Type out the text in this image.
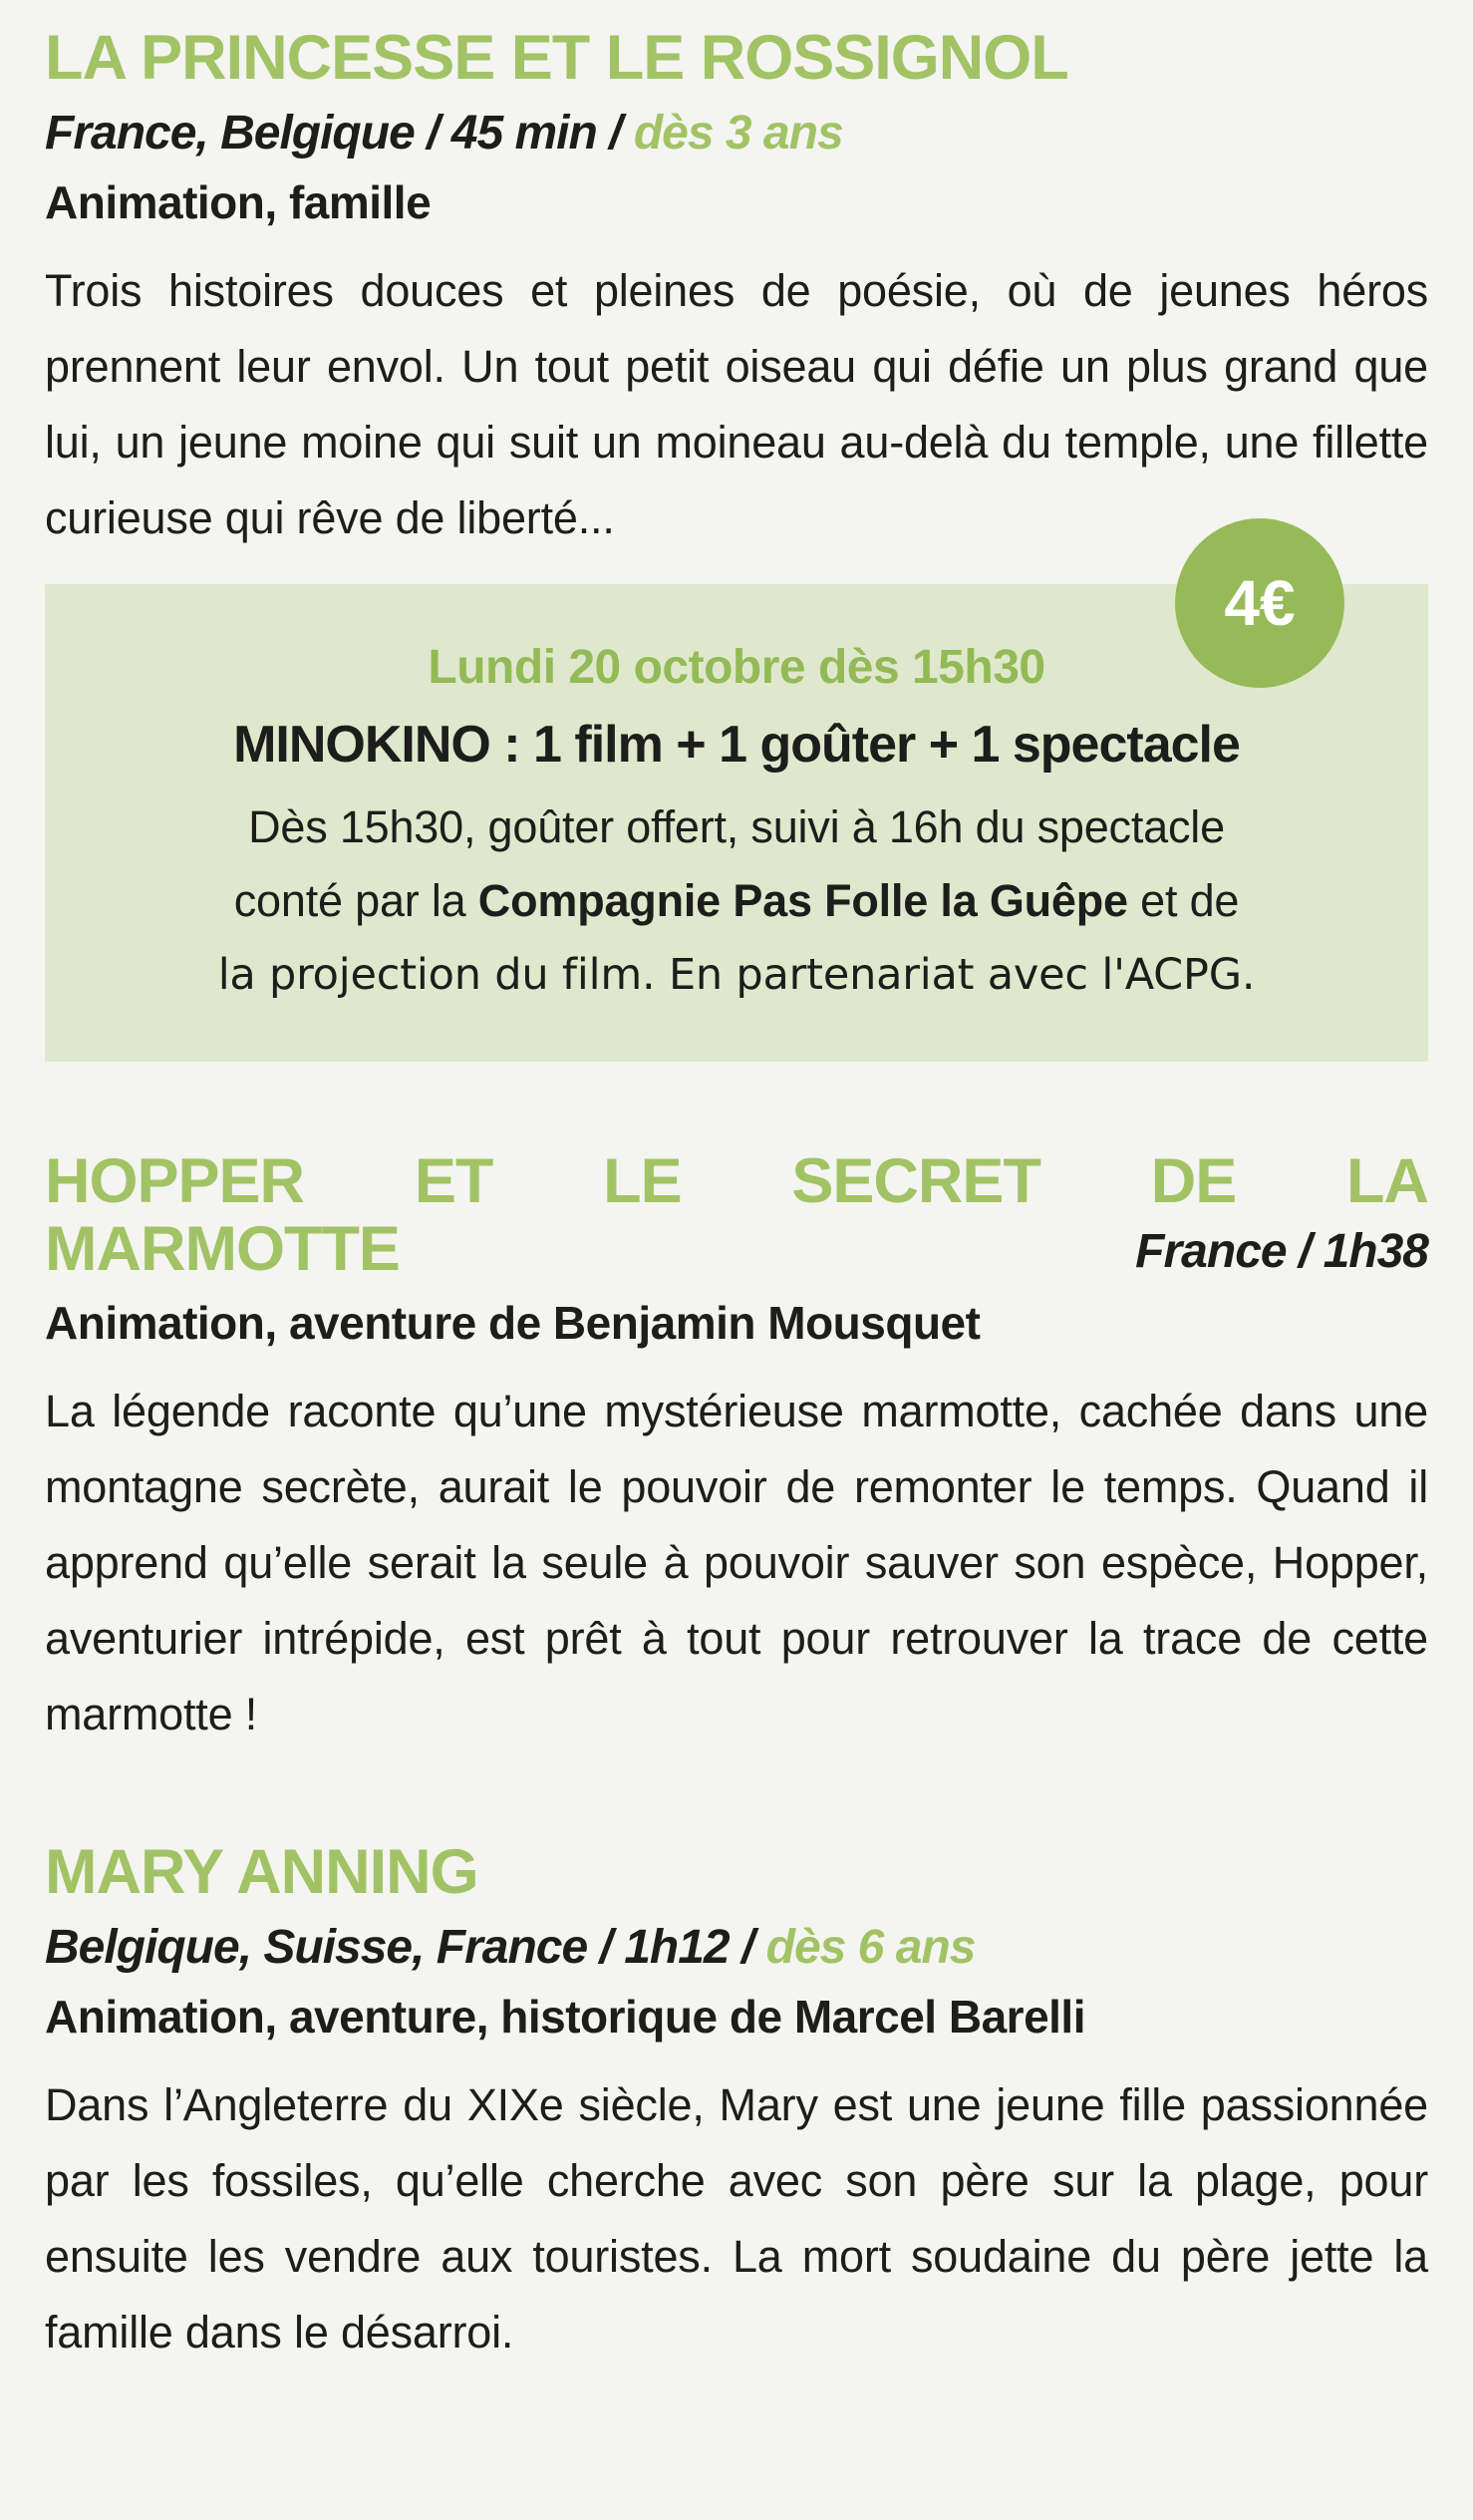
LA PRINCESSE ET LE ROSSIGNOL

France, Belgique / 45 min / dès 3 ans

Animation, famille

Trois histoires douces et pleines de poésie, où de jeunes héros prennent leur envol. Un tout petit oiseau qui défie un plus grand que lui, un jeune moine qui suit un moineau au-delà du temple, une fillette curieuse qui rêve de liberté...

4€

Lundi 20 octobre dès 15h30

MINOKINO : 1 film + 1 goûter + 1 spectacle

Dès 15h30, goûter offert, suivi à 16h du spectacle

conté par la Compagnie Pas Folle la Guêpe et de

la projection du film. En partenariat avec l'ACPG.

HOPPER ET LE SECRET DE LA
MARMOTTE	France / 1h38

Animation, aventure de Benjamin Mousquet

La légende raconte qu’une mystérieuse marmotte, cachée dans une montagne secrète, aurait le pouvoir de remonter le temps. Quand il apprend qu’elle serait la seule à pouvoir sauver son espèce, Hopper, aventurier intrépide, est prêt à tout pour retrouver la trace de cette marmotte !

MARY ANNING

Belgique, Suisse, France / 1h12 / dès 6 ans

Animation, aventure, historique de Marcel Barelli

Dans l’Angleterre du XIXe siècle, Mary est une jeune fille passionnée par les fossiles, qu’elle cherche avec son père sur la plage, pour ensuite les vendre aux touristes. La mort soudaine du père jette la famille dans le désarroi.
